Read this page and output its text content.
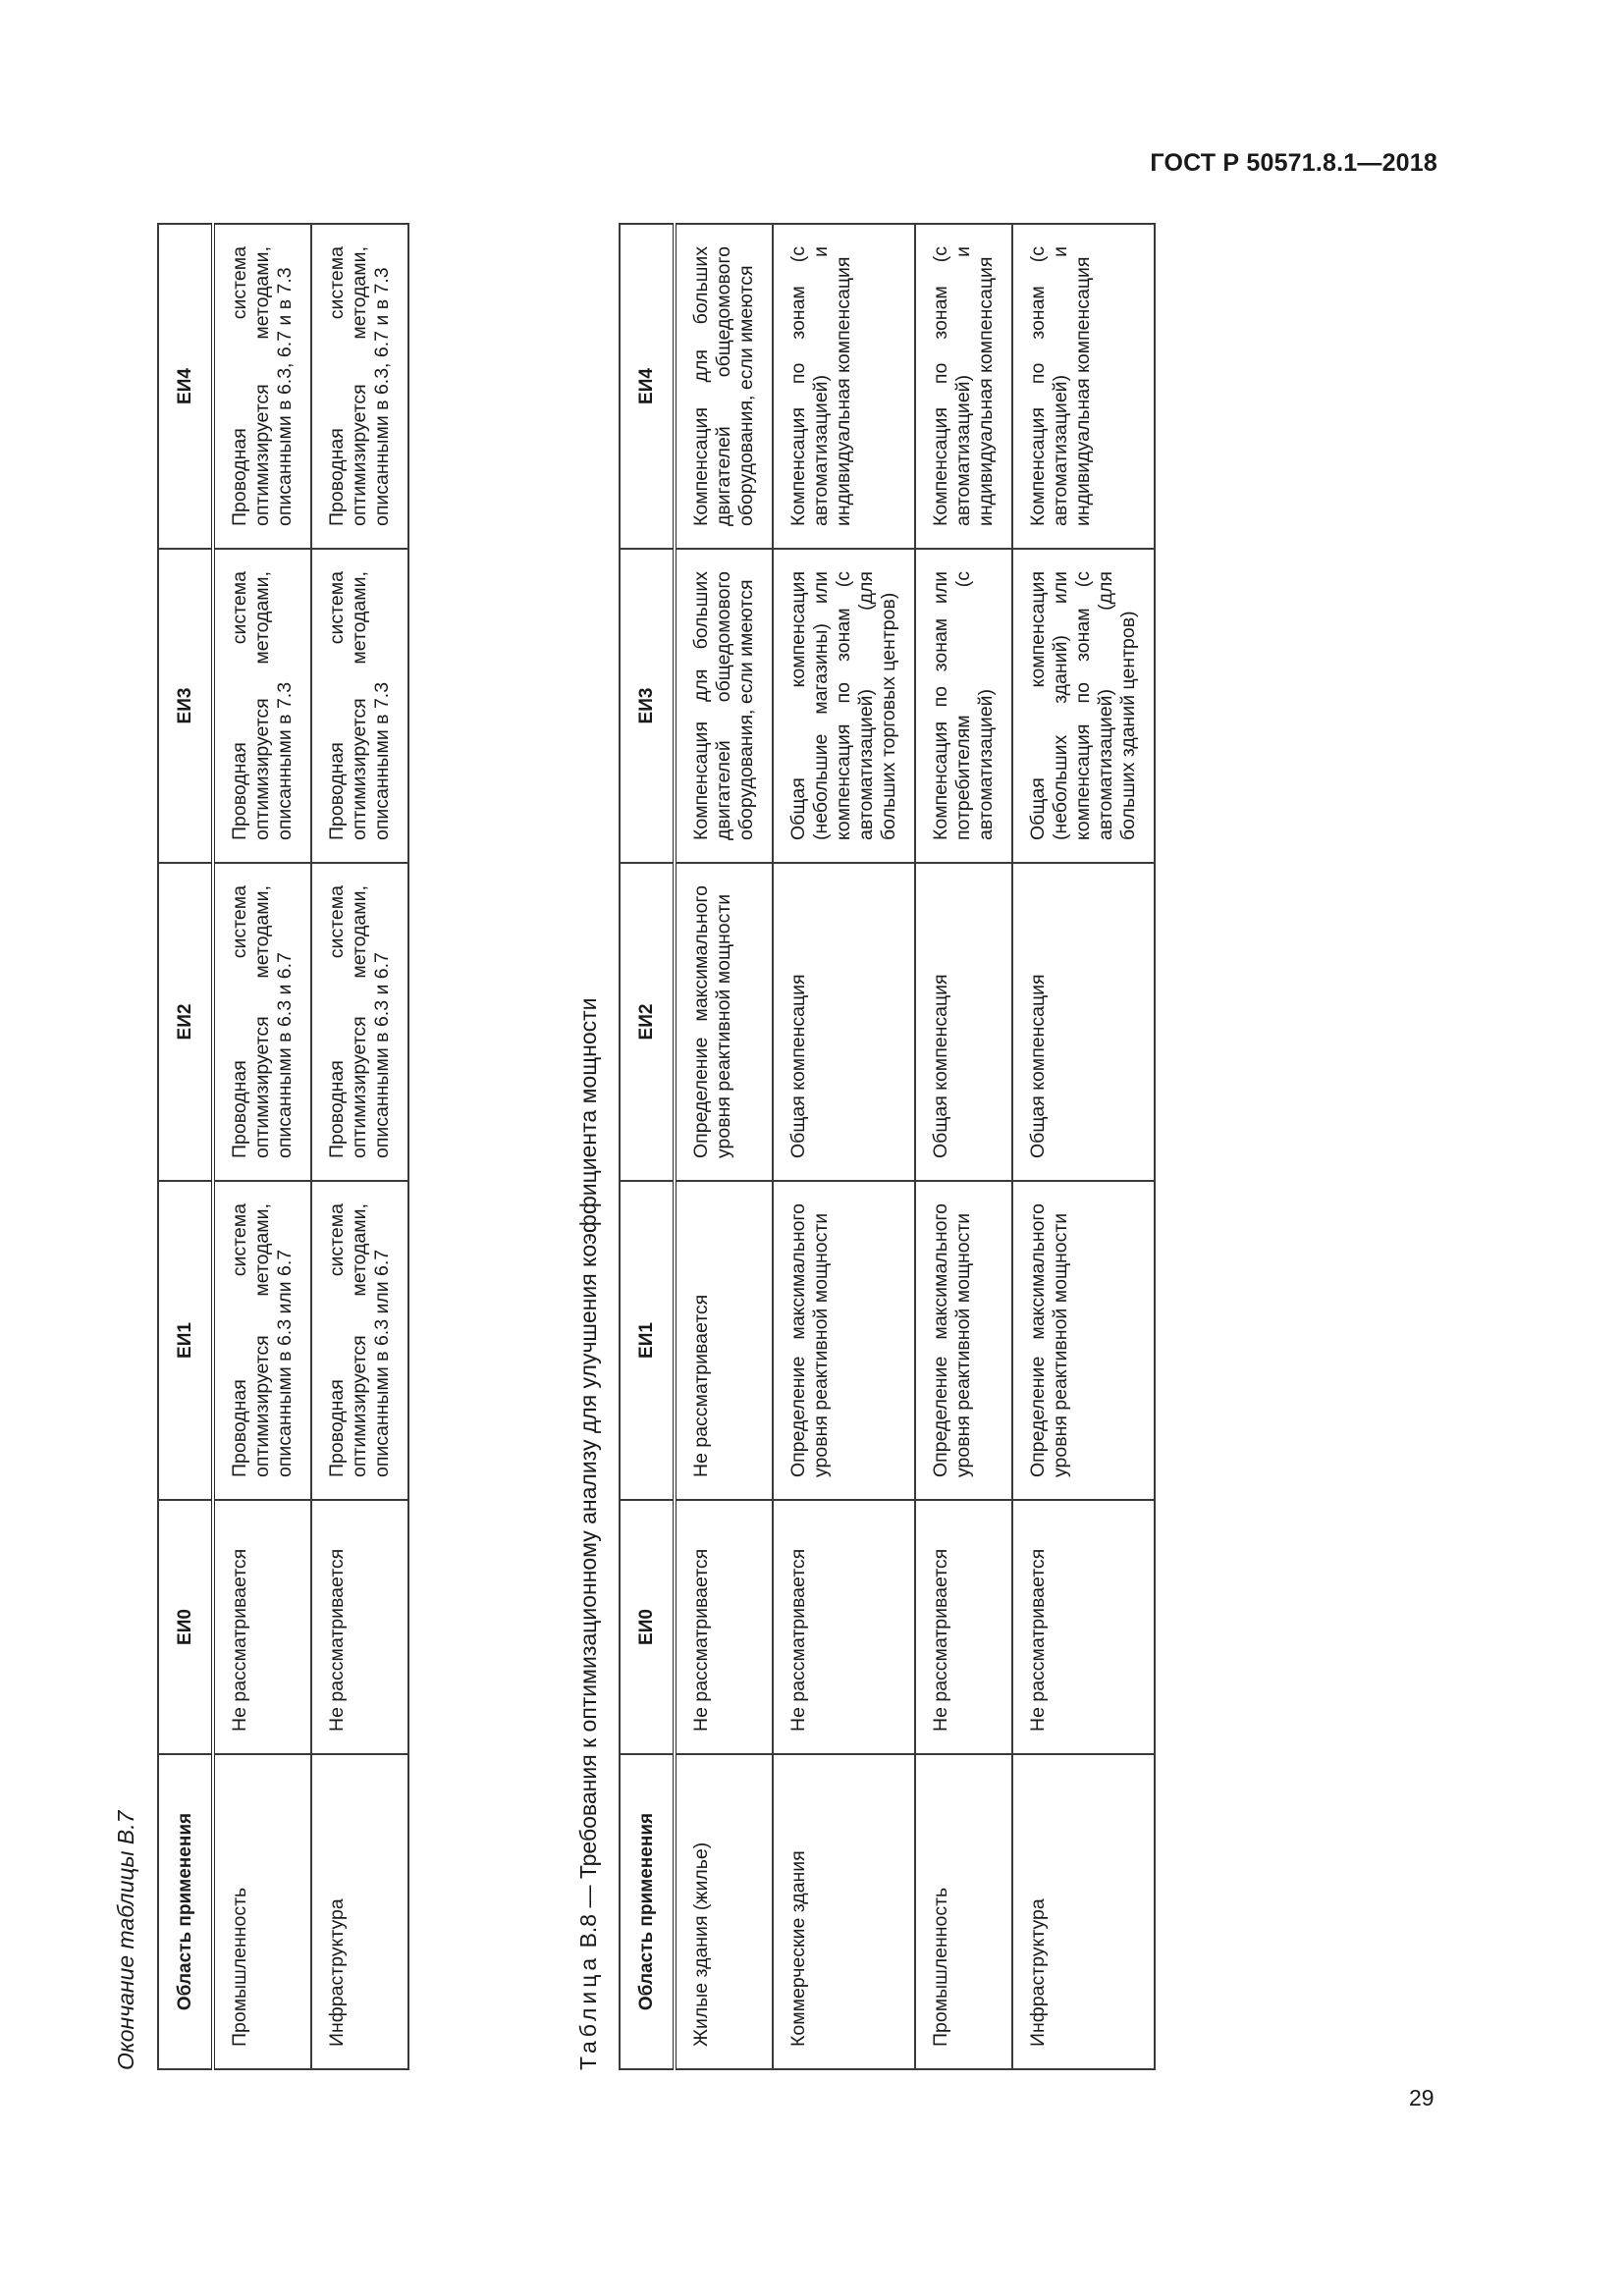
ГОСТ Р 50571.8.1—2018
Окончание таблицы В.7 Область применения	ЕИ0	ЕИ1	ЕИ2	ЕИ3	ЕИ4
Промышленность	Не рассматривается	Проводная система оптимизируется методами, описанными в 6.3 или 6.7	Проводная система оптимизируется методами, описанными в 6.3 и 6.7	Проводная система оптимизируется методами, описанными в 7.3	Проводная система оптимизируется методами, описанными в 6.3, 6.7 и в 7.3
Инфраструктура	Не рассматривается	Проводная система оптимизируется методами, описанными в 6.3 или 6.7	Проводная система оптимизируется методами, описанными в 6.3 и 6.7	Проводная система оптимизируется методами, описанными в 7.3	Проводная система оптимизируется методами, описанными в 6.3, 6.7 и в 7.3
Таблица В.8 — Требования к оптимизационному анализу для улучшения коэффициента мощности Область применения	ЕИ0	ЕИ1	ЕИ2	ЕИ3	ЕИ4
Жилые здания (жилье)	Не рассматривается	Не рассматривается	Определение максимального уровня реактивной мощности	Компенсация для больших двигателей общедомового оборудования, если имеются	Компенсация для больших двигателей общедомового оборудования, если имеются
Коммерческие здания	Не рассматривается	Определение максимального уровня реактивной мощности	Общая компенсация	Общая компенсация (небольшие магазины) или компенсация по зонам (с автоматизацией) (для больших торговых центров)	Компенсация по зонам (с автоматизацией) и индивидуальная компенсация
Промышленность	Не рассматривается	Определение максимального уровня реактивной мощности	Общая компенсация	Компенсация по зонам или потребителям (с автоматизацией)	Компенсация по зонам (с автоматизацией) и индивидуальная компенсация
Инфраструктура	Не рассматривается	Определение максимального уровня реактивной мощности	Общая компенсация	Общая компенсация (небольших зданий) или компенсация по зонам (с автоматизацией) (для больших зданий центров)	Компенсация по зонам (с автоматизацией) и индивидуальная компенсация
29
